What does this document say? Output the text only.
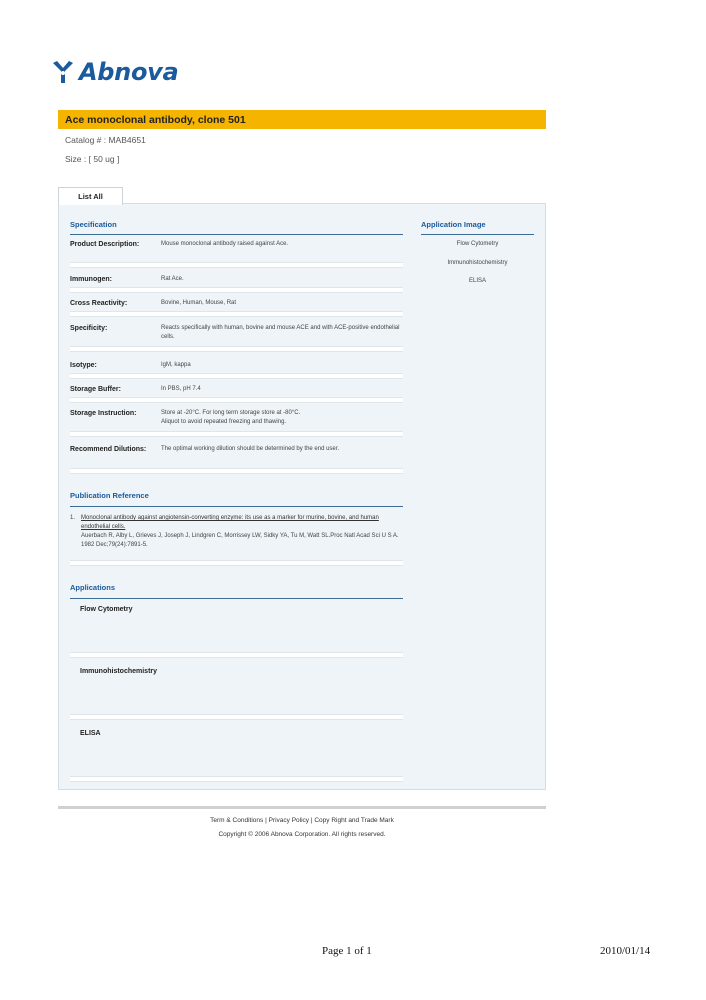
Abnova
Ace monoclonal antibody, clone 501
Catalog # : MAB4651
Size : [ 50 ug ]
List All
Specification
Product Description:	Mouse monoclonal antibody raised against Ace.
Immunogen:	Rat Ace.
Cross Reactivity:	Bovine, Human, Mouse, Rat
Specificity:	Reacts specifically with human, bovine and mouse ACE and with ACE-positive endothelial cells.
Isotype:	IgM, kappa
Storage Buffer:	In PBS, pH 7.4
Storage Instruction:	Store at -20°C. For long term storage store at -80°C.
Aliquot to avoid repeated freezing and thawing.
Recommend Dilutions:	The optimal working dilution should be determined by the end user.
Application Image
Flow Cytometry
Immunohistochemistry
ELISA
Publication Reference
1. Monoclonal antibody against angiotensin-converting enzyme: its use as a marker for murine, bovine, and human endothelial cells.
Auerbach R, Alby L, Grieves J, Joseph J, Lindgren C, Morrissey LW, Sidky YA, Tu M, Watt SL.Proc Natl Acad Sci U S A. 1982 Dec;79(24):7891-5.
Applications
Flow Cytometry
Immunohistochemistry
ELISA
Term & Conditions | Privacy Policy | Copy Right and Trade Mark
Copyright © 2006 Abnova Corporation. All rights reserved.
Page 1 of 1	2010/01/14
